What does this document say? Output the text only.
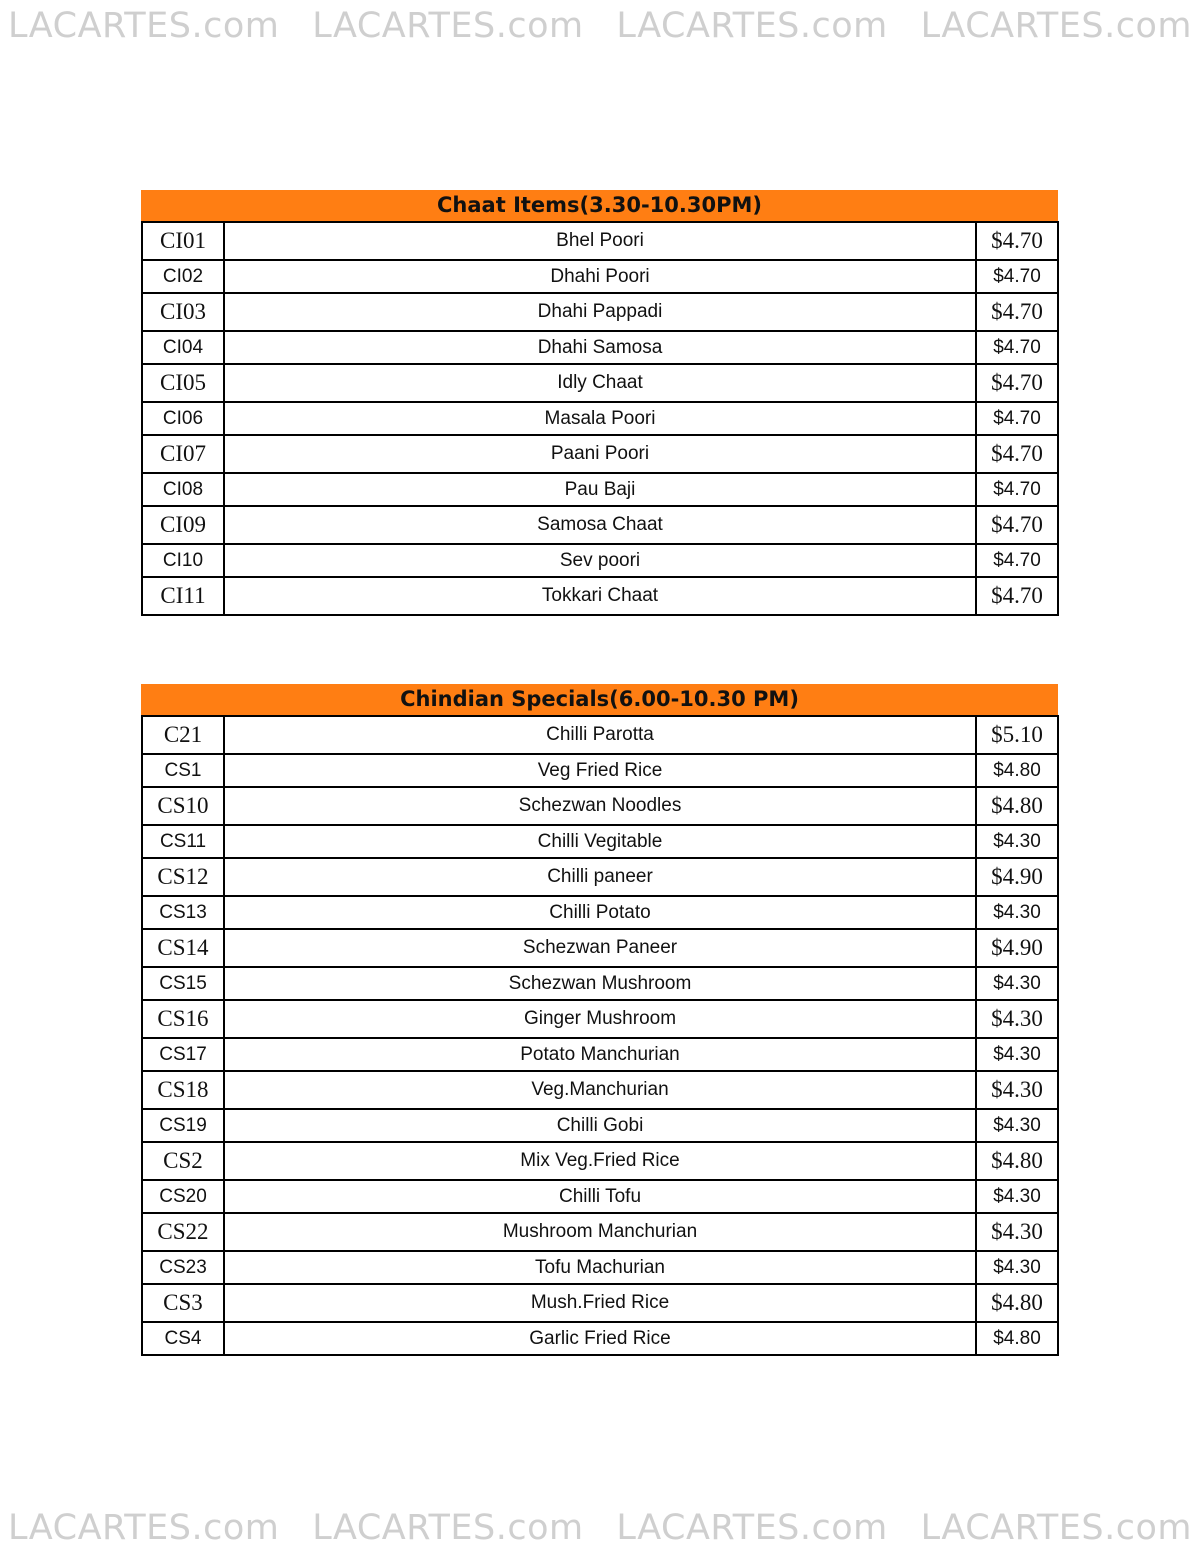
LACARTES.com LACARTES.com LACARTES.com LACARTES.com
Chaat Items(3.30-10.30PM)
CI01	Bhel Poori	$4.70
CI02	Dhahi Poori	$4.70
CI03	Dhahi Pappadi	$4.70
CI04	Dhahi Samosa	$4.70
CI05	Idly Chaat	$4.70
CI06	Masala Poori	$4.70
CI07	Paani Poori	$4.70
CI08	Pau Baji	$4.70
CI09	Samosa Chaat	$4.70
CI10	Sev poori	$4.70
CI11	Tokkari Chaat	$4.70
Chindian Specials(6.00-10.30 PM)
C21	Chilli Parotta	$5.10
CS1	Veg Fried Rice	$4.80
CS10	Schezwan Noodles	$4.80
CS11	Chilli Vegitable	$4.30
CS12	Chilli paneer	$4.90
CS13	Chilli Potato	$4.30
CS14	Schezwan Paneer	$4.90
CS15	Schezwan Mushroom	$4.30
CS16	Ginger Mushroom	$4.30
CS17	Potato Manchurian	$4.30
CS18	Veg.Manchurian	$4.30
CS19	Chilli Gobi	$4.30
CS2	Mix Veg.Fried Rice	$4.80
CS20	Chilli Tofu	$4.30
CS22	Mushroom Manchurian	$4.30
CS23	Tofu Machurian	$4.30
CS3	Mush.Fried Rice	$4.80
CS4	Garlic Fried Rice	$4.80
LACARTES.com LACARTES.com LACARTES.com LACARTES.com
